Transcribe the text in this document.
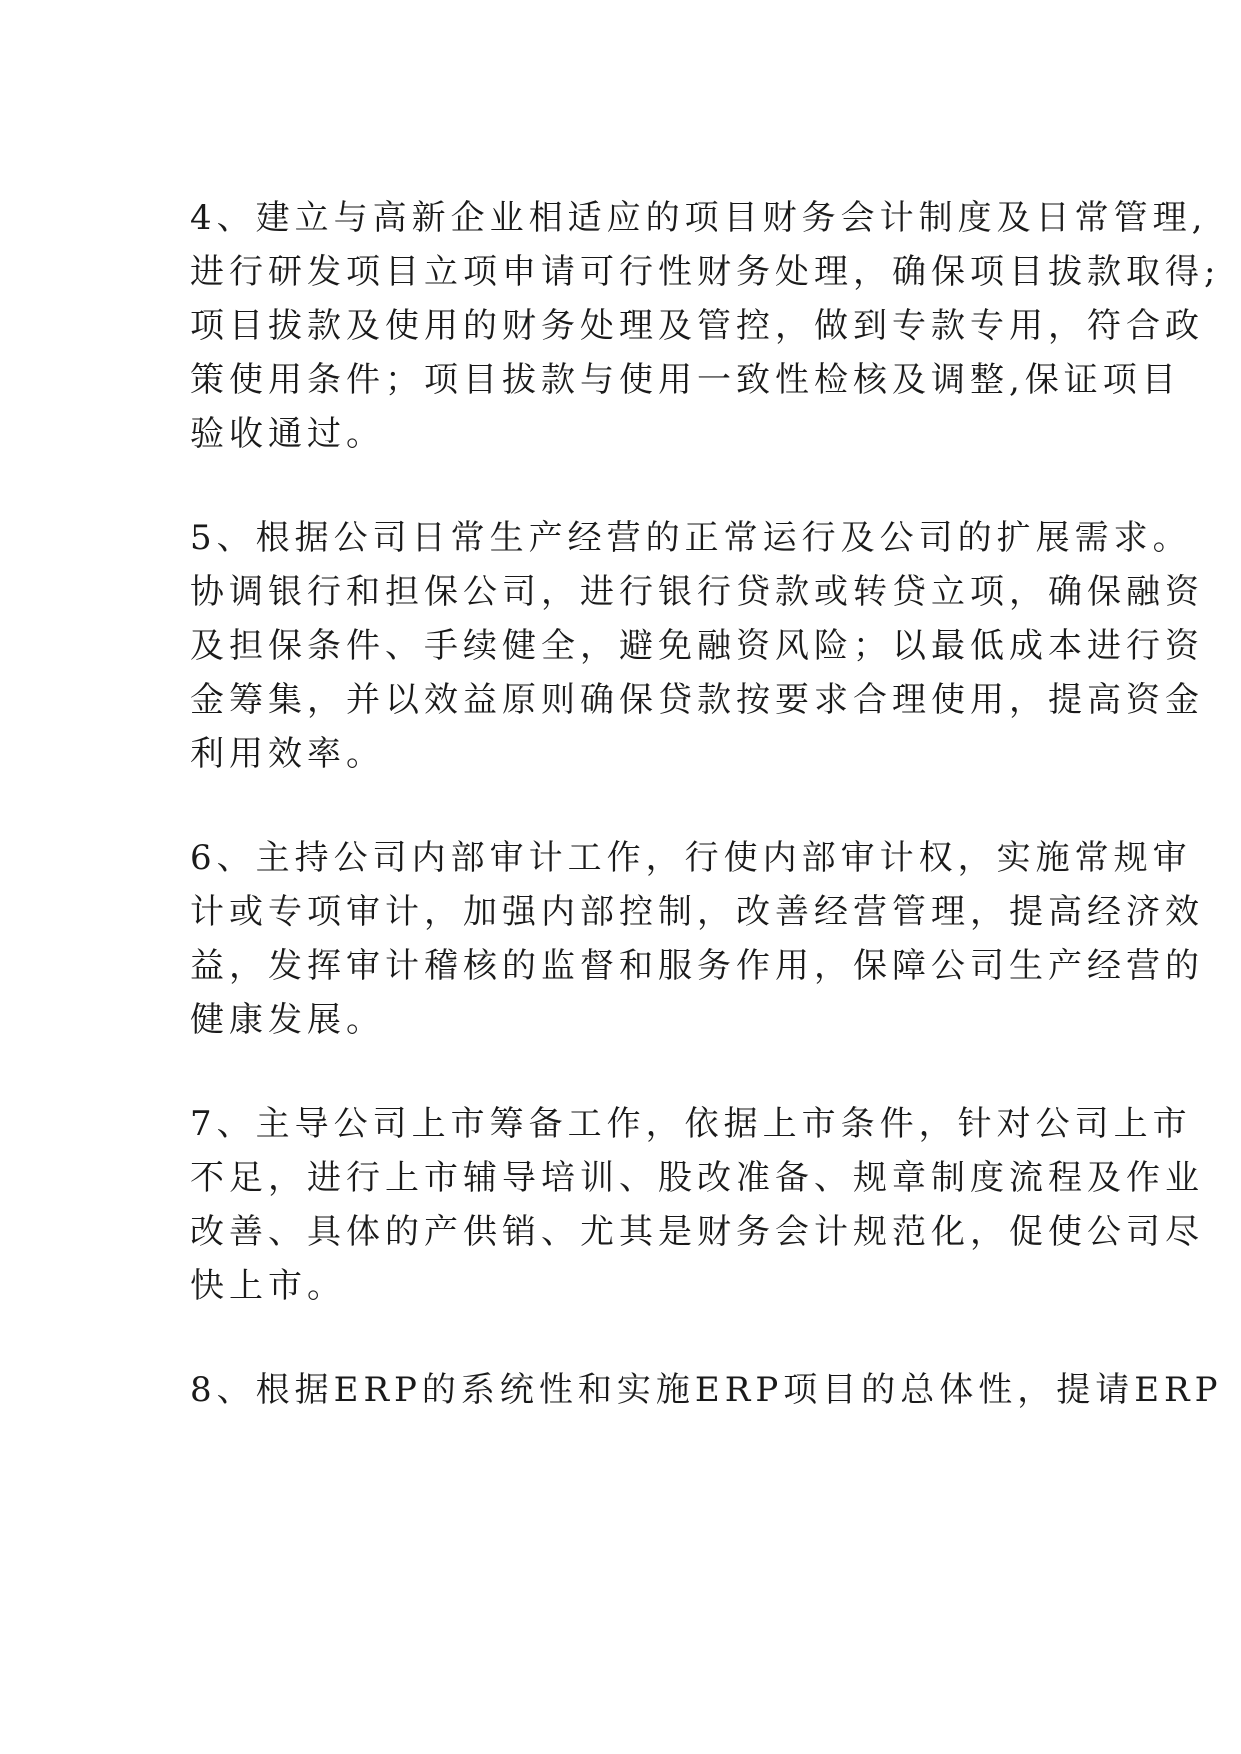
4、建立与高新企业相适应的项目财务会计制度及日常管理,
进行研发项目立项申请可行性财务处理，确保项目拔款取得;
项目拔款及使用的财务处理及管控，做到专款专用，符合政
策使用条件；项目拔款与使用一致性检核及调整,保证项目
验收通过。
5、根据公司日常生产经营的正常运行及公司的扩展需求。
协调银行和担保公司，进行银行贷款或转贷立项，确保融资
及担保条件、手续健全，避免融资风险；以最低成本进行资
金筹集，并以效益原则确保贷款按要求合理使用，提高资金
利用效率。
6、主持公司内部审计工作，行使内部审计权，实施常规审
计或专项审计，加强内部控制，改善经营管理，提高经济效
益，发挥审计稽核的监督和服务作用，保障公司生产经营的
健康发展。
7、主导公司上市筹备工作，依据上市条件，针对公司上市
不足，进行上市辅导培训、股改准备、规章制度流程及作业
改善、具体的产供销、尤其是财务会计规范化，促使公司尽
快上市。
8、根据ERP的系统性和实施ERP项目的总体性，提请ERP
